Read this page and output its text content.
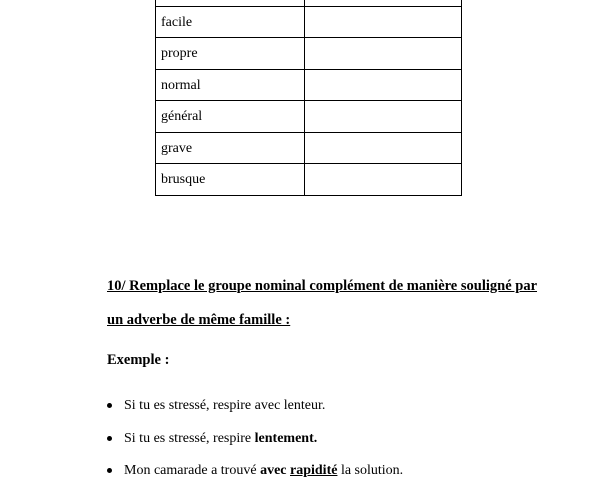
facile	
propre	
normal	
général	
grave	
brusque	
10/ Remplace le groupe nominal complément de manière souligné par
un adverbe de même famille :
Exemple :
Si tu es stressé, respire avec lenteur.
Si tu es stressé, respire lentement.
Mon camarade a trouvé avec rapidité la solution.
